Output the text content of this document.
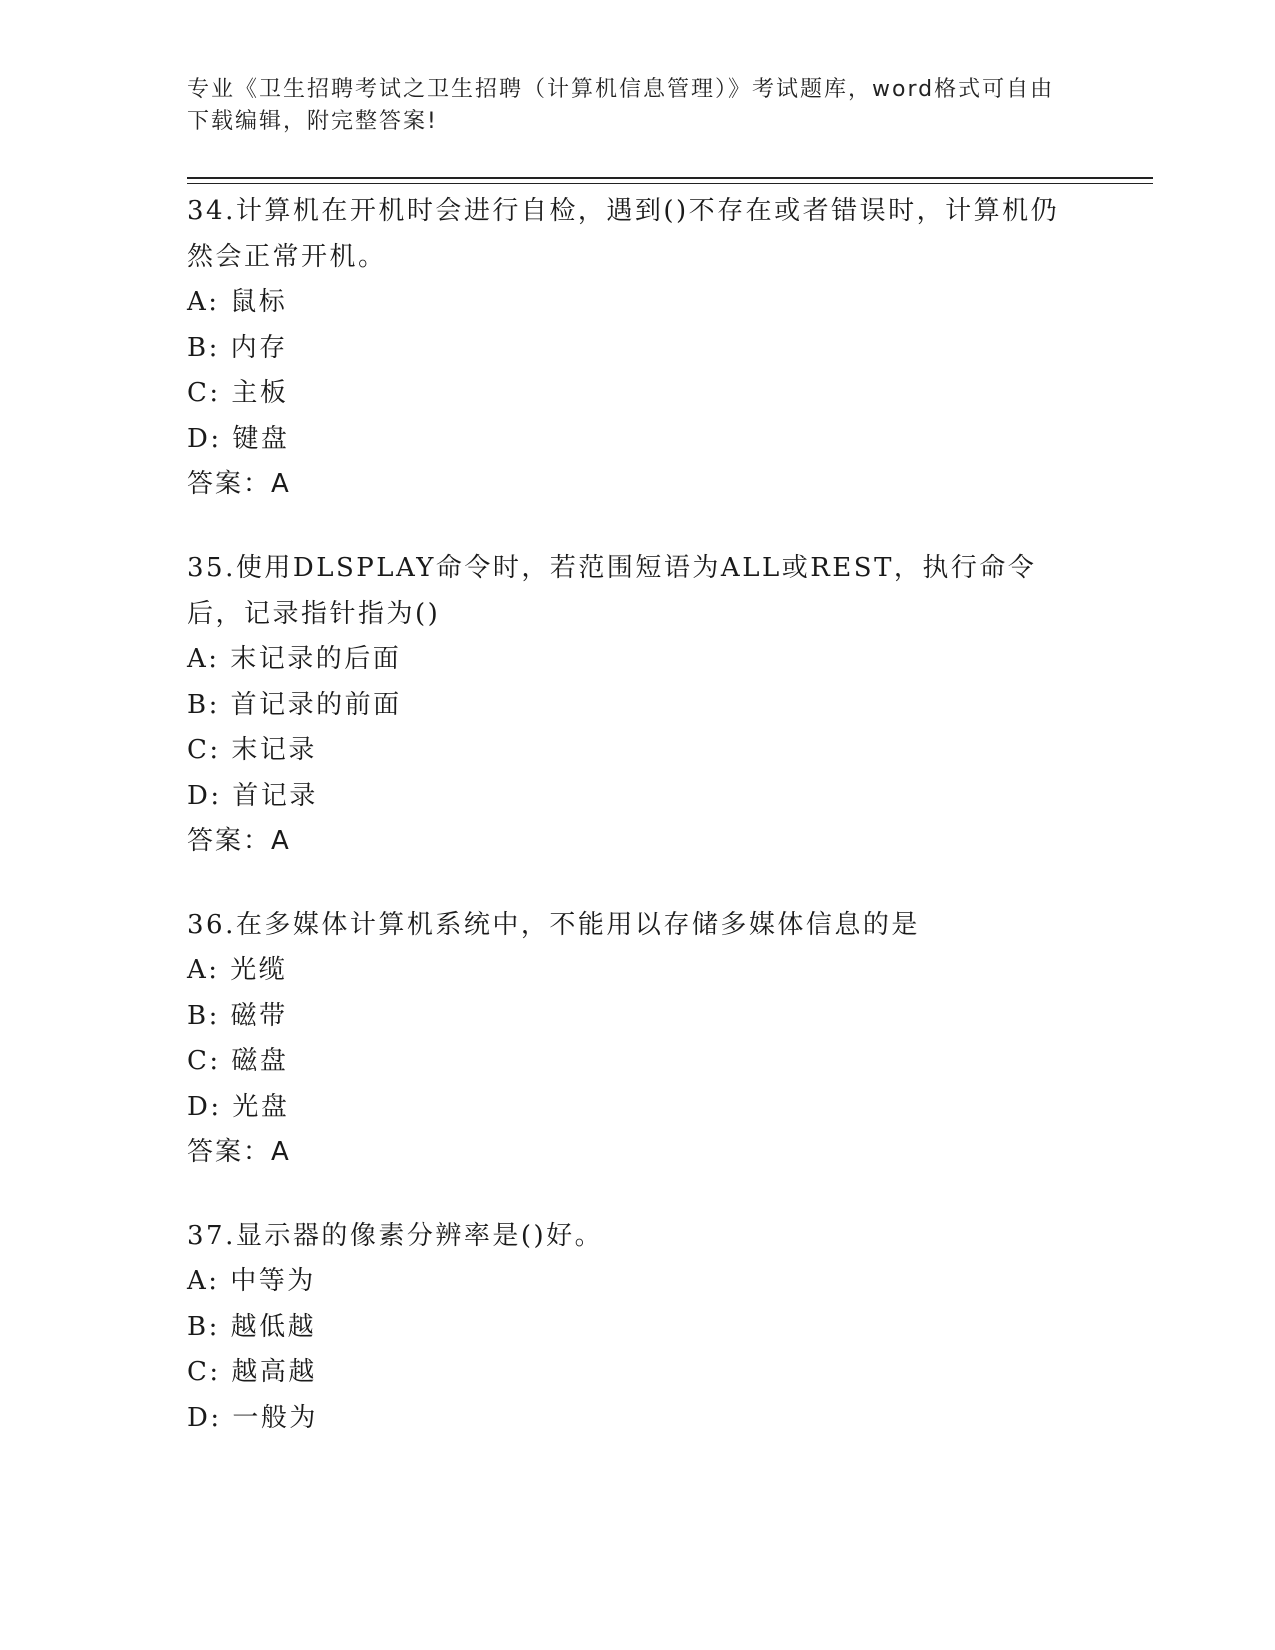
专业《卫生招聘考试之卫生招聘（计算机信息管理）》考试题库，word格式可自由下载编辑，附完整答案!

34.计算机在开机时会进行自检，遇到()不存在或者错误时，计算机仍然会正常开机。

A: 鼠标

B: 内存

C: 主板

D: 键盘

答案：A

35.使用DLSPLAY命令时，若范围短语为ALL或REST，执行命令后，记录指针指为()

A: 末记录的后面

B: 首记录的前面

C: 末记录

D: 首记录

答案：A

36.在多媒体计算机系统中，不能用以存储多媒体信息的是

A: 光缆

B: 磁带

C: 磁盘

D: 光盘

答案：A

37.显示器的像素分辨率是()好。

A: 中等为

B: 越低越

C: 越高越

D: 一般为
